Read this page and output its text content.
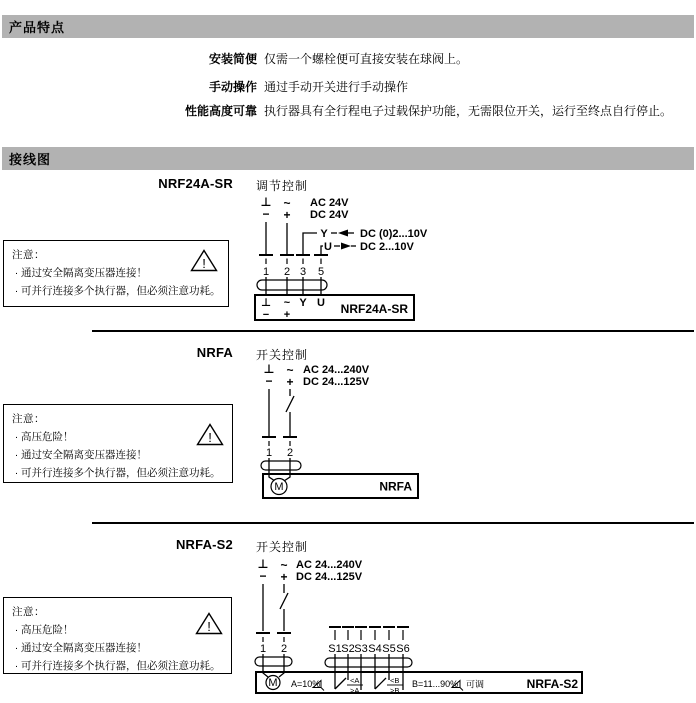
产品特点
安装简便 仅需一个螺栓便可直接安装在球阀上。
手动操作 通过手动开关进行手动操作
性能高度可靠 执行器具有全行程电子过载保护功能，无需限位开关，运行至终点自行停止。
接线图
NRF24A-SR 调节控制
注意：
· 通过安全隔离变压器连接！
· 可并行连接多个执行器，但必须注意功耗。
!
⊥
−
~
+
AC 24V
DC 24V
Y	DC (0)2...10V
U	DC 2...10V
1 2 3 5
⊥ ~ Y U
− +	NRF24A-SR
NRFA 开关控制
注意：
· 高压危险！
· 通过安全隔离变压器连接！
· 可并行连接多个执行器，但必须注意功耗。
!
⊥
−
~
+
AC 24...240V
DC 24...125V
1 2
M	NRFA
NRFA-S2 开关控制
注意：
· 高压危险！
· 通过安全隔离变压器连接！
· 可并行连接多个执行器，但必须注意功耗。
!
⊥
−
~
+
AC 24...240V
DC 24...125V
1 2	S1 S2 S3 S4 S5 S6
M A=10%	<A
>A
<B
>B
B=11...90% 可调	NRFA-S2
